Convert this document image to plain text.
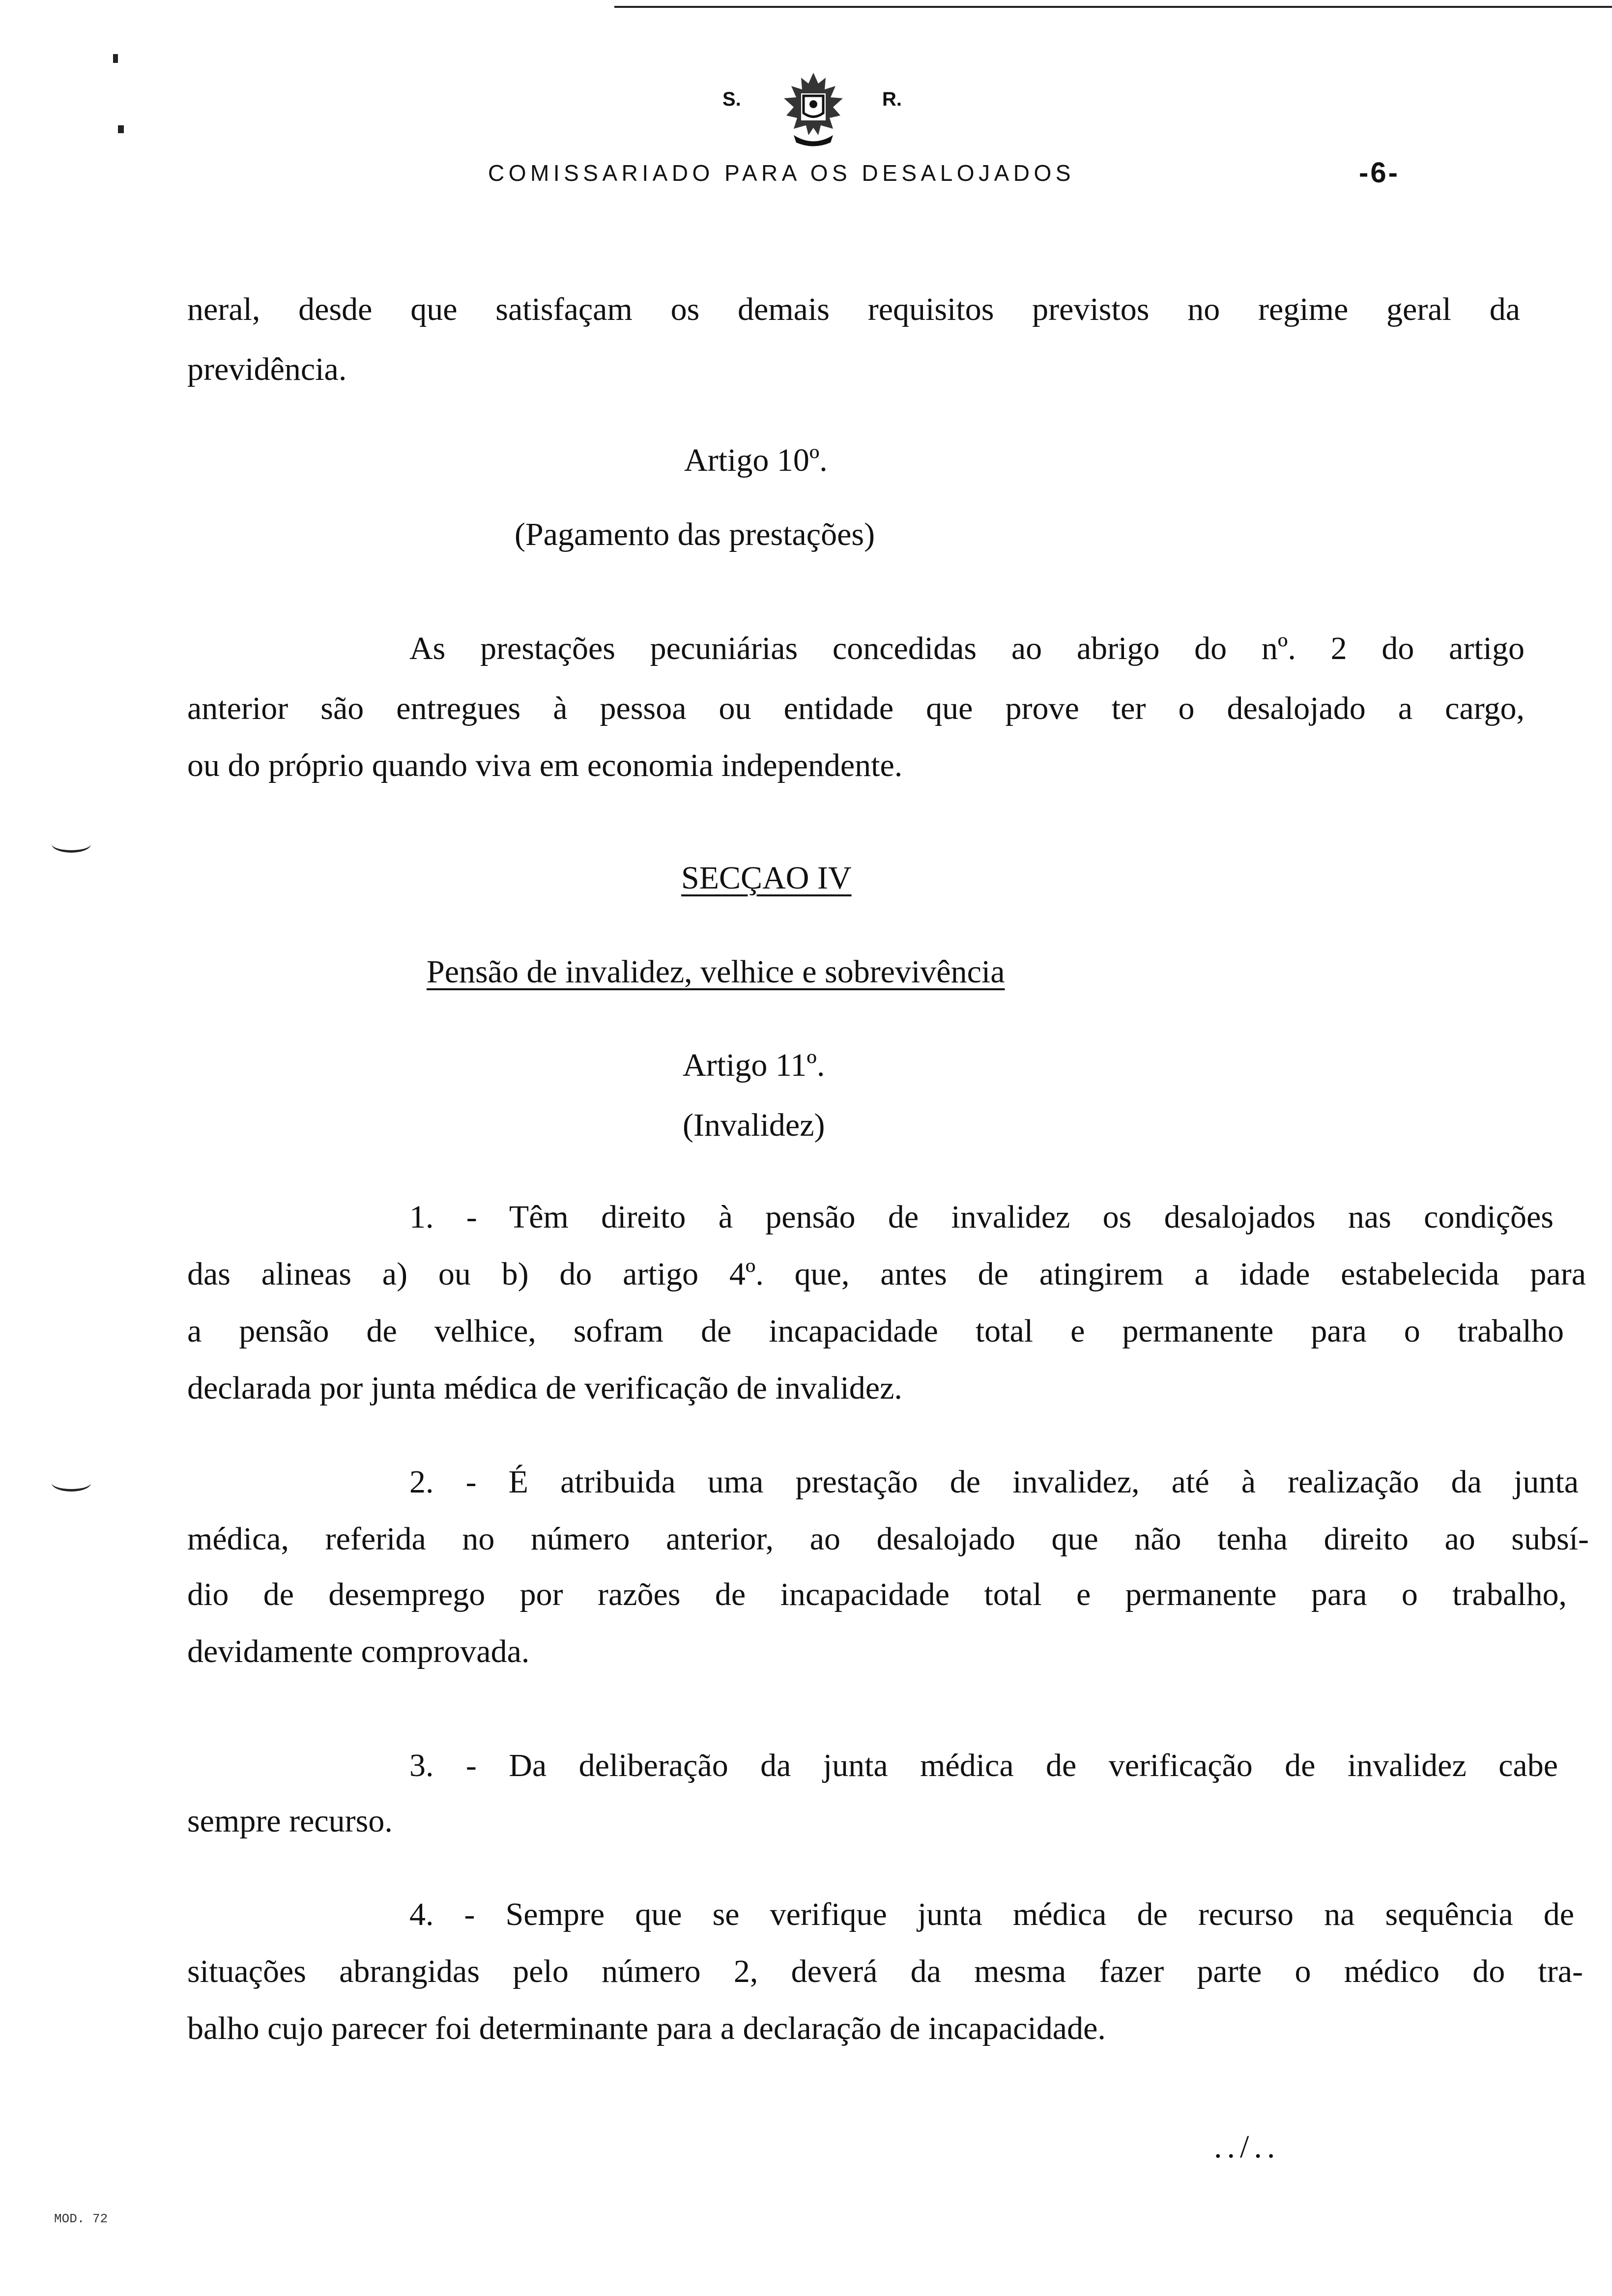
S.	R.
COMISSARIADO PARA OS DESALOJADOS	-6-
neral, desde que satisfaçam os demais requisitos previstos no regime geral da
previdência.
Artigo 10º.
(Pagamento das prestações)
As prestações pecuniárias concedidas ao abrigo do nº. 2 do artigo
anterior são entregues à pessoa ou entidade que prove ter o desalojado a cargo,
ou do próprio quando viva em economia independente.
SECÇAO IV
Pensão de invalidez, velhice e sobrevivência
Artigo 11º.
(Invalidez)
1. - Têm direito à pensão de invalidez os desalojados nas condições
das alineas a) ou b) do artigo 4º. que, antes de atingirem a idade estabelecida para
a pensão de velhice, sofram de incapacidade total e permanente para o trabalho
declarada por junta médica de verificação de invalidez.
2. - É atribuida uma prestação de invalidez, até à realização da junta
médica, referida no número anterior, ao desalojado que não tenha direito ao subsí-
dio de desemprego por razões de incapacidade total e permanente para o trabalho,
devidamente comprovada.
3. - Da deliberação da junta médica de verificação de invalidez cabe
sempre recurso.
4. - Sempre que se verifique junta médica de recurso na sequência de
situações abrangidas pelo número 2, deverá da mesma fazer parte o médico do tra-
balho cujo parecer foi determinante para a declaração de incapacidade.
../..
MOD. 72
